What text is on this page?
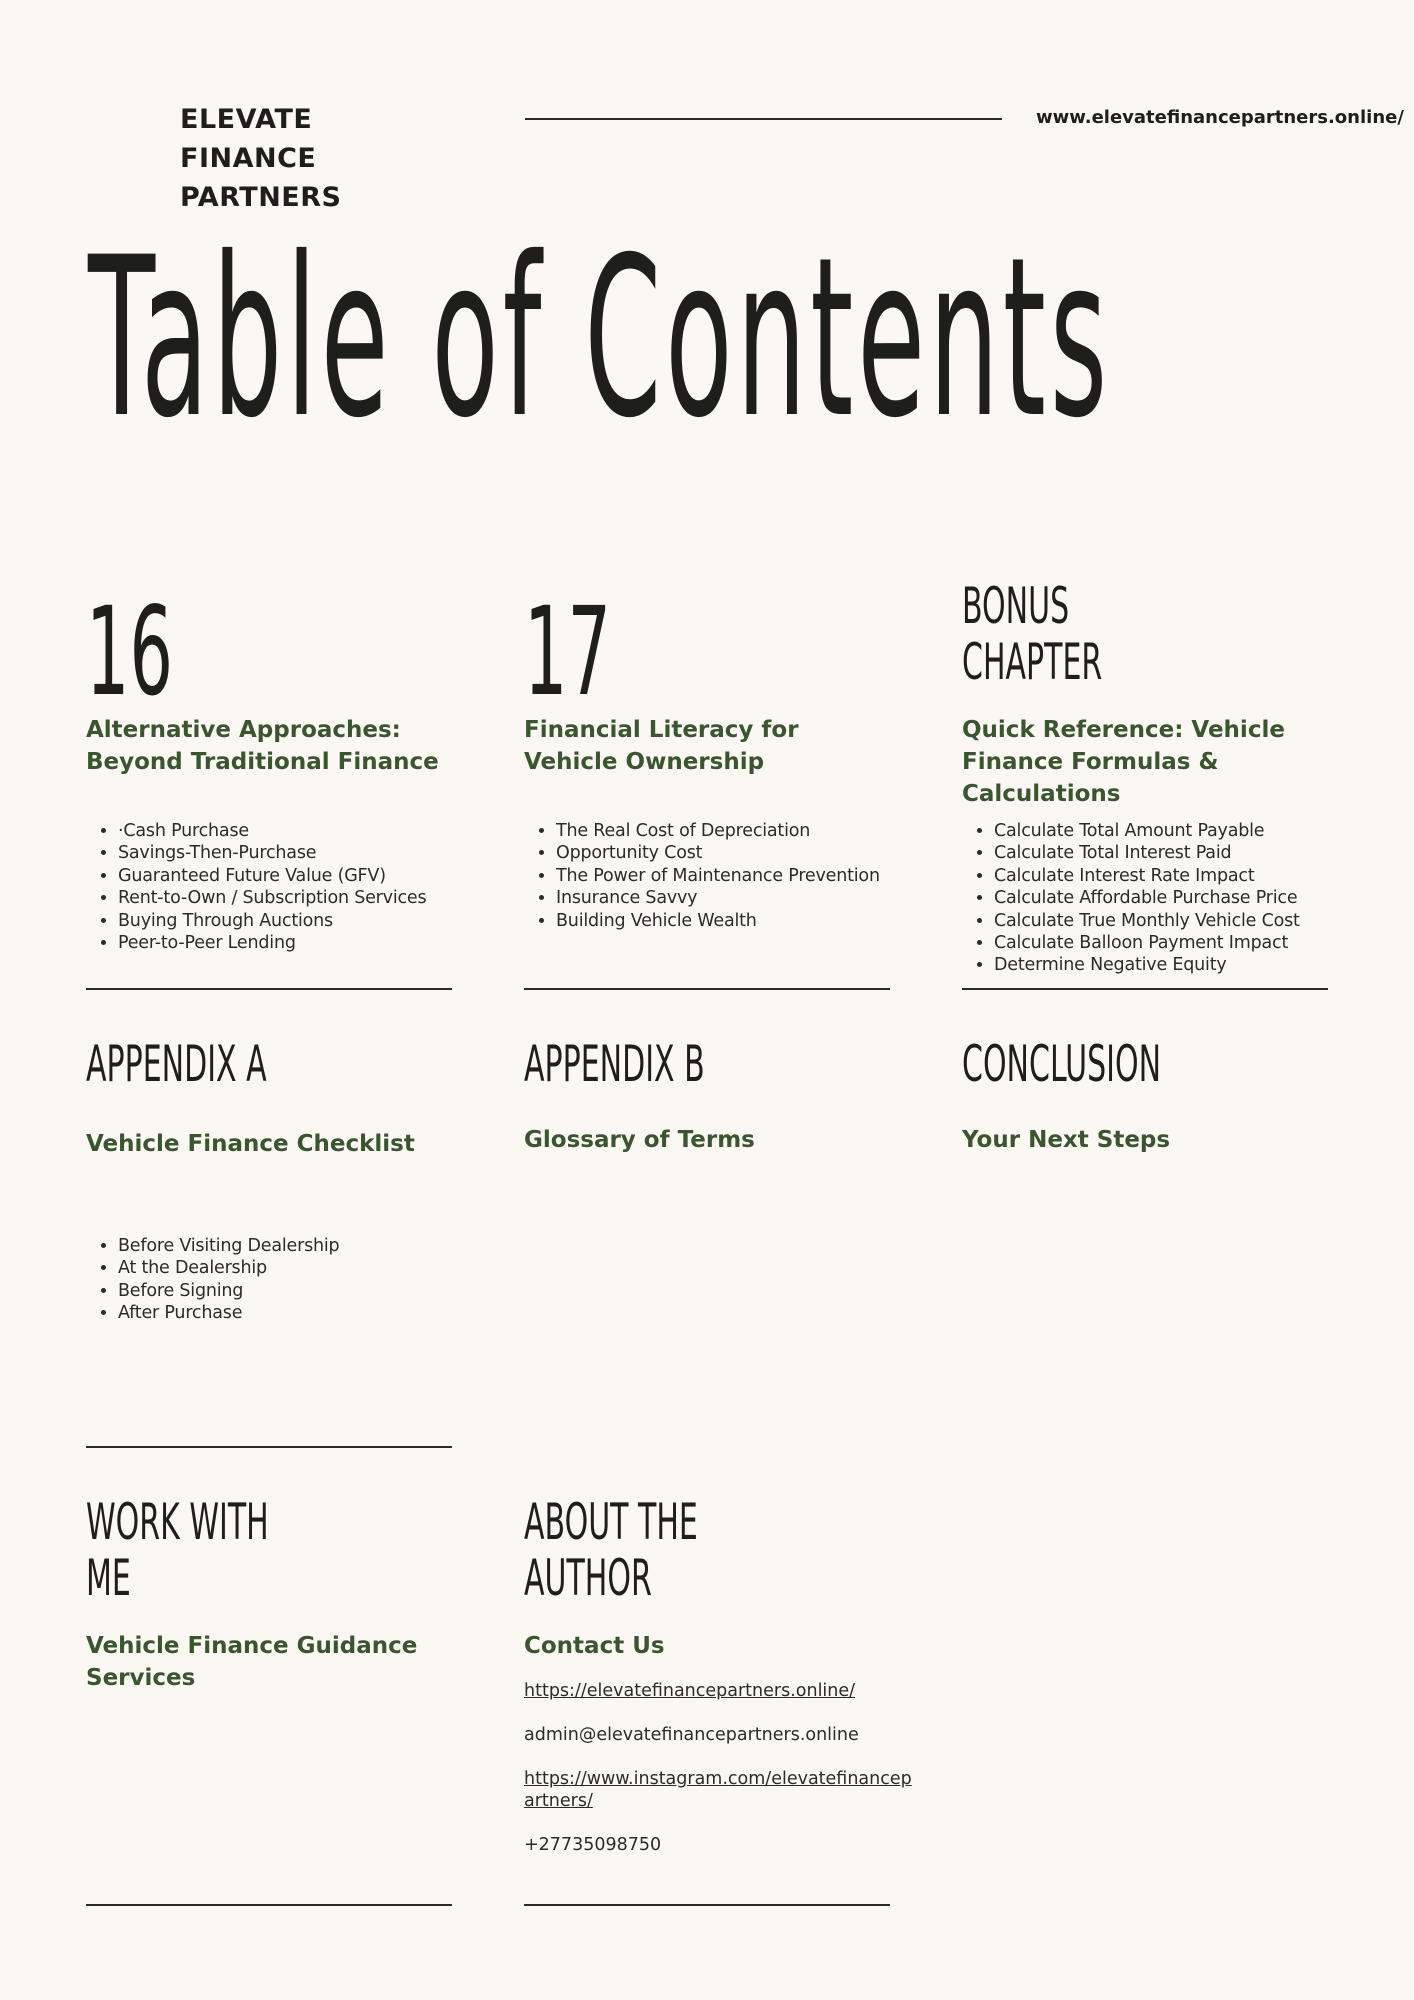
ELEVATE
FINANCE
PARTNERS
www.elevatefinancepartners.online/
Table of Contents
16
Alternative Approaches: Beyond Traditional Finance
• ·Cash Purchase
• Savings-Then-Purchase
• Guaranteed Future Value (GFV)
• Rent-to-Own / Subscription Services
• Buying Through Auctions
• Peer-to-Peer Lending
17
Financial Literacy for Vehicle Ownership
• The Real Cost of Depreciation
• Opportunity Cost
• The Power of Maintenance Prevention
• Insurance Savvy
• Building Vehicle Wealth
BONUS
CHAPTER
Quick Reference: Vehicle Finance Formulas & Calculations
• Calculate Total Amount Payable
• Calculate Total Interest Paid
• Calculate Interest Rate Impact
• Calculate Affordable Purchase Price
• Calculate True Monthly Vehicle Cost
• Calculate Balloon Payment Impact
• Determine Negative Equity
APPENDIX A
Vehicle Finance Checklist
• Before Visiting Dealership
• At the Dealership
• Before Signing
• After Purchase
APPENDIX B
Glossary of Terms
CONCLUSION
Your Next Steps
WORK WITH
ME
Vehicle Finance Guidance Services
ABOUT THE
AUTHOR
Contact Us
https://elevatefinancepartners.online/
admin@elevatefinancepartners.online
https://www.instagram.com/elevatefinancep
artners/
+27735098750
